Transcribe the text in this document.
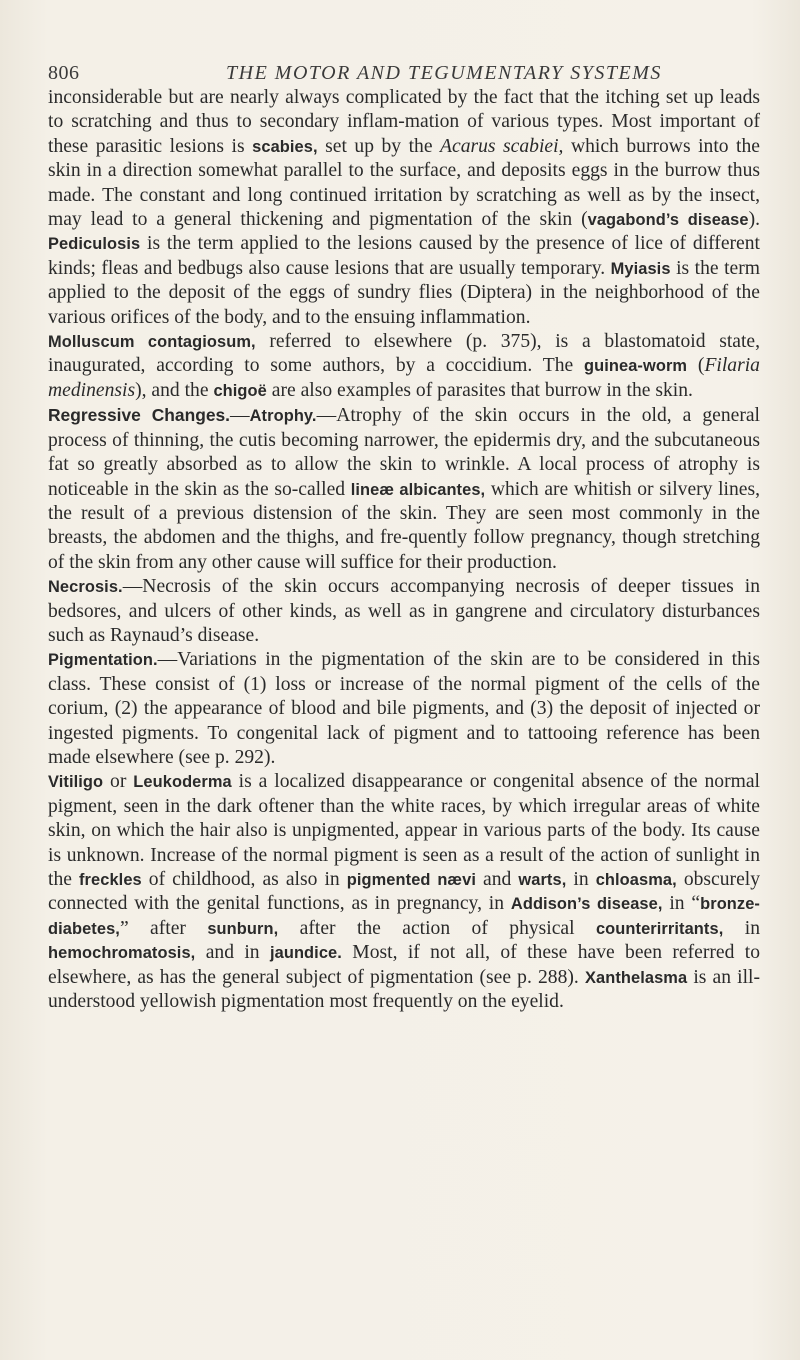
806	THE MOTOR AND TEGUMENTARY SYSTEMS

inconsiderable but are nearly always complicated by the fact that the itching set up leads to scratching and thus to secondary inflam-mation of various types. Most important of these parasitic lesions is scabies, set up by the Acarus scabiei, which burrows into the skin in a direction somewhat parallel to the surface, and deposits eggs in the burrow thus made. The constant and long continued irritation by scratching as well as by the insect, may lead to a general thickening and pigmentation of the skin (vagabond’s disease). Pediculosis is the term applied to the lesions caused by the presence of lice of different kinds; fleas and bedbugs also cause lesions that are usually temporary. Myiasis is the term applied to the deposit of the eggs of sundry flies (Diptera) in the neighborhood of the various orifices of the body, and to the ensuing inflammation.

Molluscum contagiosum, referred to elsewhere (p. 375), is a blastomatoid state, inaugurated, according to some authors, by a coccidium. The guinea-worm (Filaria medinensis), and the chigoë are also examples of parasites that burrow in the skin.

Regressive Changes.—Atrophy.—Atrophy of the skin occurs in the old, a general process of thinning, the cutis becoming narrower, the epidermis dry, and the subcutaneous fat so greatly absorbed as to allow the skin to wrinkle. A local process of atrophy is noticeable in the skin as the so-called lineæ albicantes, which are whitish or silvery lines, the result of a previous distension of the skin. They are seen most commonly in the breasts, the abdomen and the thighs, and fre-quently follow pregnancy, though stretching of the skin from any other cause will suffice for their production.

Necrosis.—Necrosis of the skin occurs accompanying necrosis of deeper tissues in bedsores, and ulcers of other kinds, as well as in gangrene and circulatory disturbances such as Raynaud’s disease.

Pigmentation.—Variations in the pigmentation of the skin are to be considered in this class. These consist of (1) loss or increase of the normal pigment of the cells of the corium, (2) the appearance of blood and bile pigments, and (3) the deposit of injected or ingested pigments. To congenital lack of pigment and to tattooing reference has been made elsewhere (see p. 292).

Vitiligo or Leukoderma is a localized disappearance or congenital absence of the normal pigment, seen in the dark oftener than the white races, by which irregular areas of white skin, on which the hair also is unpigmented, appear in various parts of the body. Its cause is unknown. Increase of the normal pigment is seen as a result of the action of sunlight in the freckles of childhood, as also in pigmented nævi and warts, in chloasma, obscurely connected with the genital functions, as in pregnancy, in Addison’s disease, in “bronze-diabetes,” after sunburn, after the action of physical counterirritants, in hemochromatosis, and in jaundice. Most, if not all, of these have been referred to elsewhere, as has the general subject of pigmentation (see p. 288). Xanthelasma is an ill-understood yellowish pigmentation most frequently on the eyelid.
